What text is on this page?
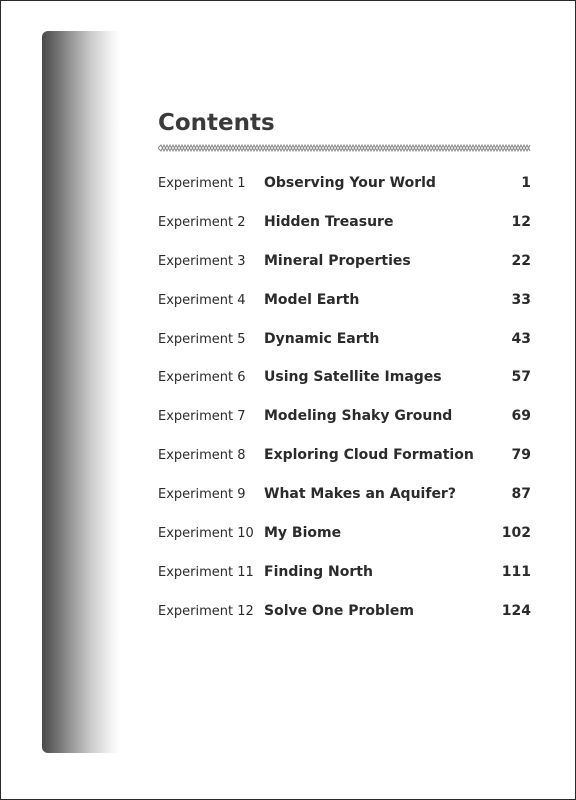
Contents
Experiment 1 Observing Your World	1
Experiment 2 Hidden Treasure	12
Experiment 3 Mineral Properties	22
Experiment 4 Model Earth	33
Experiment 5 Dynamic Earth	43
Experiment 6 Using Satellite Images	57
Experiment 7 Modeling Shaky Ground	69
Experiment 8 Exploring Cloud Formation	79
Experiment 9 What Makes an Aquifer?	87
Experiment 10 My Biome	102
Experiment 11 Finding North	111
Experiment 12 Solve One Problem	124
